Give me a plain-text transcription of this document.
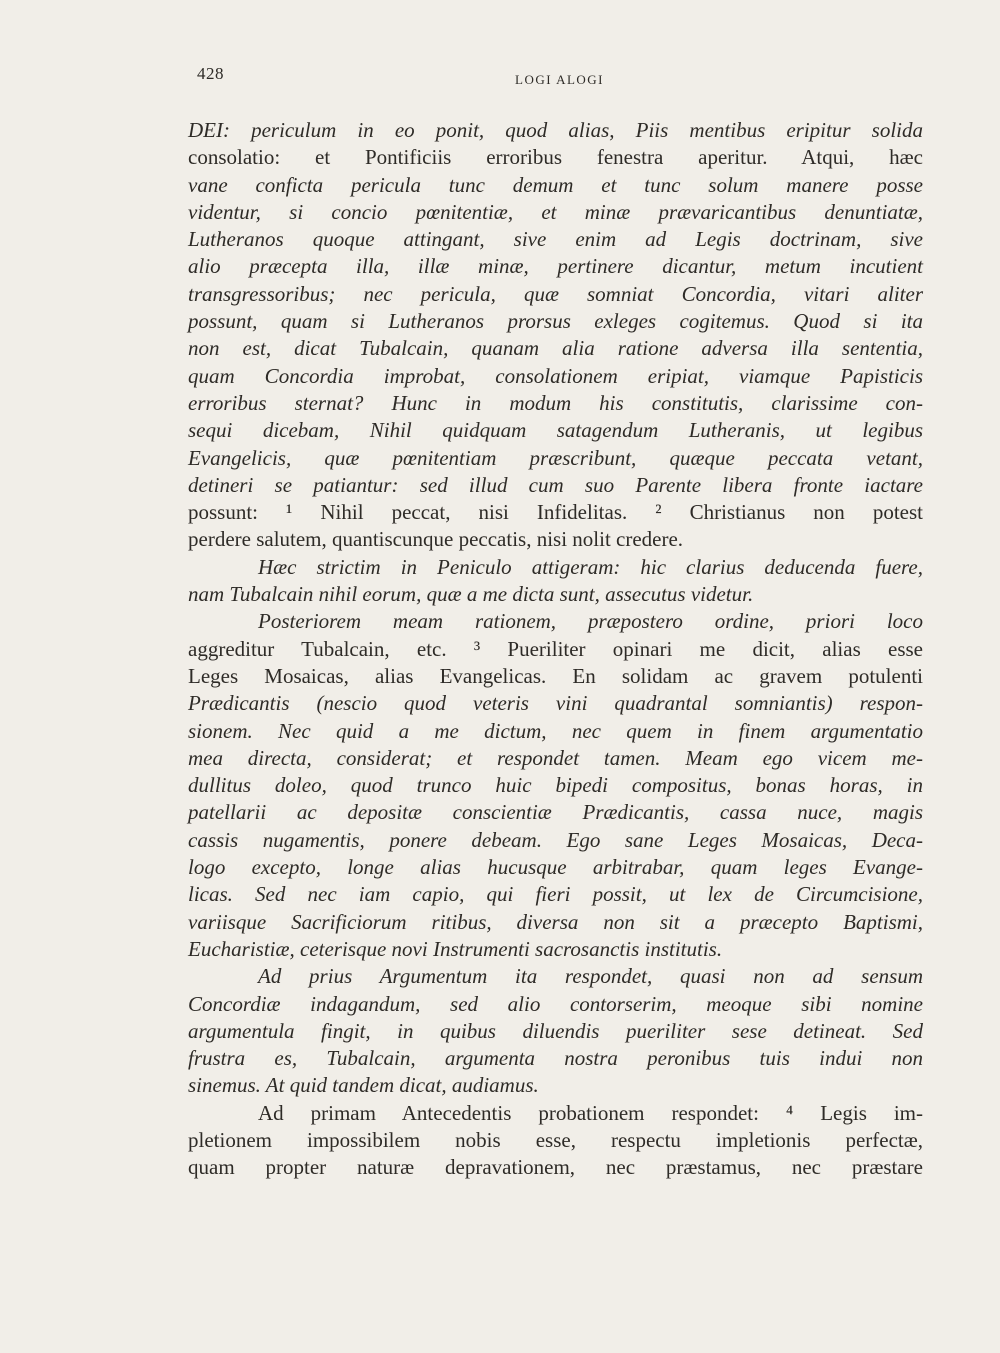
428	LOGI ALOGI
DEI: periculum in eo ponit, quod alias, Piis mentibus eripitur solida
consolatio: et Pontificiis erroribus fenestra aperitur. Atqui, hæc
vane conficta pericula tunc demum et tunc solum manere posse
videntur, si concio pœnitentiæ, et minæ prævaricantibus denuntiatæ,
Lutheranos quoque attingant, sive enim ad Legis doctrinam, sive
alio præcepta illa, illæ minæ, pertinere dicantur, metum incutient
transgressoribus; nec pericula, quæ somniat Concordia, vitari aliter
possunt, quam si Lutheranos prorsus exleges cogitemus. Quod si ita
non est, dicat Tubalcain, quanam alia ratione adversa illa sententia,
quam Concordia improbat, consolationem eripiat, viamque Papisticis
erroribus sternat? Hunc in modum his constitutis, clarissime con-
sequi dicebam, Nihil quidquam satagendum Lutheranis, ut legibus
Evangelicis, quæ pœnitentiam præscribunt, quæque peccata vetant,
detineri se patiantur: sed illud cum suo Parente libera fronte iactare
possunt: ¹ Nihil peccat, nisi Infidelitas. ² Christianus non potest
perdere salutem, quantiscunque peccatis, nisi nolit credere.
Hæc strictim in Peniculo attigeram: hic clarius deducenda fuere,
nam Tubalcain nihil eorum, quæ a me dicta sunt, assecutus videtur.
Posteriorem meam rationem, præpostero ordine, priori loco
aggreditur Tubalcain, etc. ³ Pueriliter opinari me dicit, alias esse
Leges Mosaicas, alias Evangelicas. En solidam ac gravem potulenti
Prædicantis (nescio quod veteris vini quadrantal somniantis) respon-
sionem. Nec quid a me dictum, nec quem in finem argumentatio
mea directa, considerat; et respondet tamen. Meam ego vicem me-
dullitus doleo, quod trunco huic bipedi compositus, bonas horas, in
patellarii ac depositæ conscientiæ Prædicantis, cassa nuce, magis
cassis nugamentis, ponere debeam. Ego sane Leges Mosaicas, Deca-
logo excepto, longe alias hucusque arbitrabar, quam leges Evange-
licas. Sed nec iam capio, qui fieri possit, ut lex de Circumcisione,
variisque Sacrificiorum ritibus, diversa non sit a præcepto Baptismi,
Eucharistiæ, ceterisque novi Instrumenti sacrosanctis institutis.
Ad prius Argumentum ita respondet, quasi non ad sensum
Concordiæ indagandum, sed alio contorserim, meoque sibi nomine
argumentula fingit, in quibus diluendis pueriliter sese detineat. Sed
frustra es, Tubalcain, argumenta nostra peronibus tuis indui non
sinemus. At quid tandem dicat, audiamus.
Ad primam Antecedentis probationem respondet: ⁴ Legis im-
pletionem impossibilem nobis esse, respectu impletionis perfectæ,
quam propter naturæ depravationem, nec præstamus, nec præstare
